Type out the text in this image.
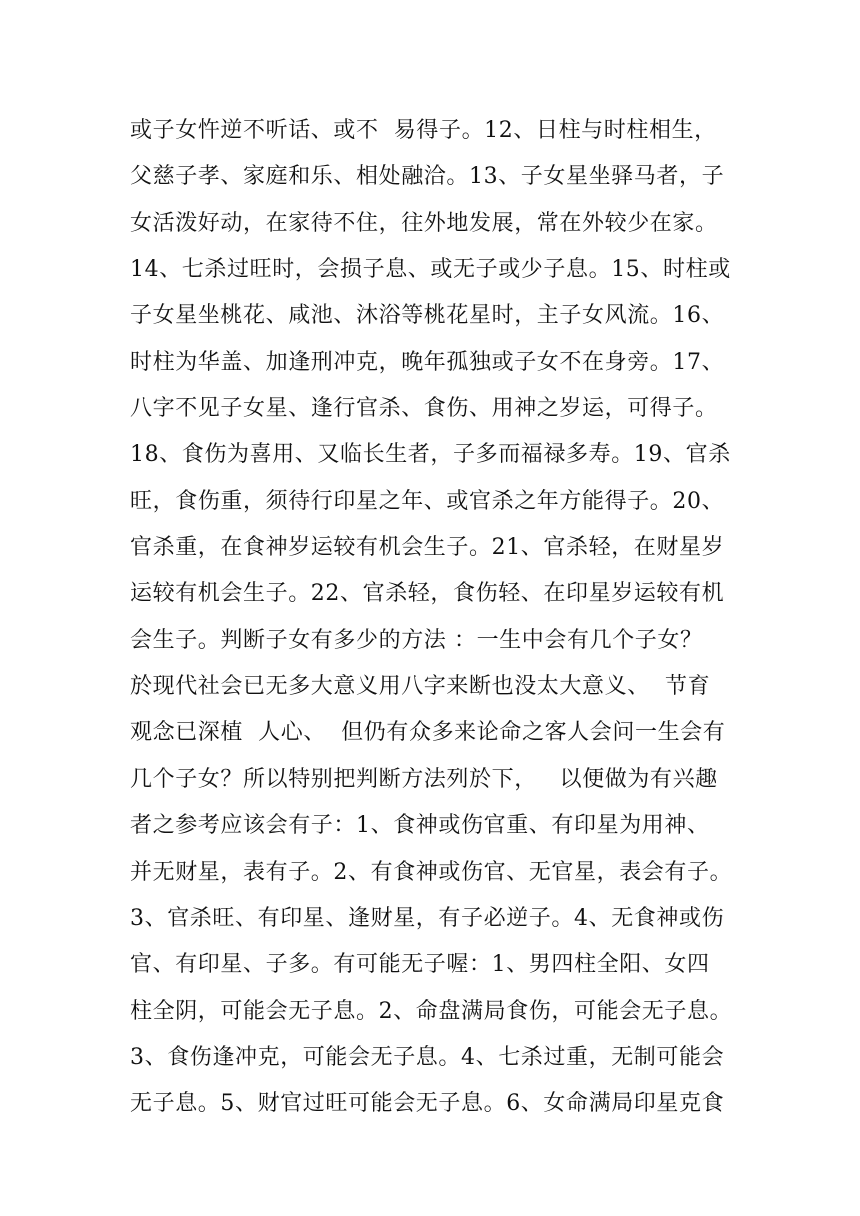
或子女忤逆不听话、或不  易得子。12、日柱与时柱相生，
父慈子孝、家庭和乐、相处融洽。13、子女星坐驿马者，子
女活泼好动，在家待不住，往外地发展，常在外较少在家。
14、七杀过旺时，会损子息、或无子或少子息。15、时柱或
子女星坐桃花、咸池、沐浴等桃花星时，主子女风流。16、
时柱为华盖、加逢刑冲克，晚年孤独或子女不在身旁。17、
八字不见子女星、逢行官杀、食伤、用神之岁运，可得子。
18、食伤为喜用、又临长生者，子多而福禄多寿。19、官杀
旺，食伤重，须待行印星之年、或官杀之年方能得子。20、
官杀重，在食神岁运较有机会生子。21、官杀轻，在财星岁
运较有机会生子。22、官杀轻，食伤轻、在印星岁运较有机
会生子。判断子女有多少的方法 ：一生中会有几个子女？
於现代社会已无多大意义用八字来断也没太大意义、  节育
观念已深植  人心、  但仍有众多来论命之客人会问一生会有
几个子女？所以特别把判断方法列於下，   以便做为有兴趣
者之参考应该会有子：1、食神或伤官重、有印星为用神、
并无财星，表有子。2、有食神或伤官、无官星，表会有子。
3、官杀旺、有印星、逢财星，有子必逆子。4、无食神或伤
官、有印星、子多。有可能无子喔：1、男四柱全阳、女四
柱全阴，可能会无子息。2、命盘满局食伤，可能会无子息。
3、食伤逢冲克，可能会无子息。4、七杀过重，无制可能会
无子息。5、财官过旺可能会无子息。6、女命满局印星克食
